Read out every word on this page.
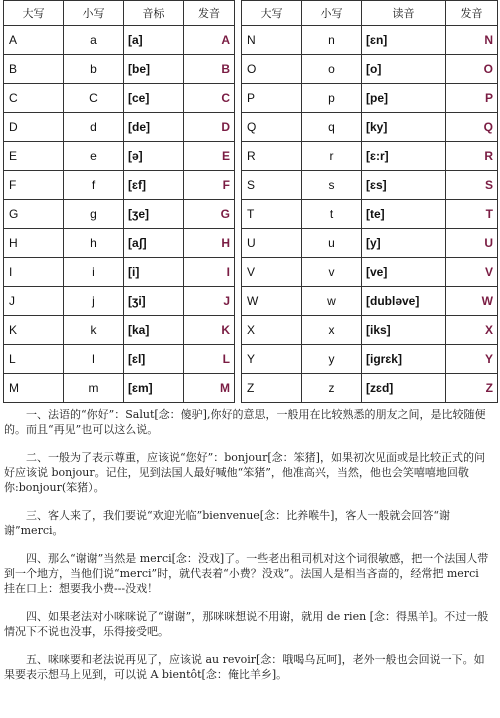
大写	小写	音标	发音
A	a	[a]	A
B	b	[be]	B
C	C	[ce]	C
D	d	[de]	D
E	e	[ə]	E
F	f	[ɛf]	F
G	g	[ʒe]	G
H	h	[aʃ]	H
I	i	[i]	I
J	j	[ʒi]	J
K	k	[ka]	K
L	l	[ɛl]	L
M	m	[ɛm]	M
大写	小写	读音	发音
N	n	[ɛn]	N
O	o	[o]	O
P	p	[pe]	P
Q	q	[ky]	Q
R	r	[ɛ:r]	R
S	s	[ɛs]	S
T	t	[te]	T
U	u	[y]	U
V	v	[ve]	V
W	w	[dublǝve]	W
X	x	[iks]	X
Y	y	[igrɛk]	Y
Z	z	[zɛd]	Z

一、法语的“你好”：Salut[念：傻驴],你好的意思，一般用在比较熟悉的朋友之间，是比较随便的。而且“再见”也可以这么说。

二、一般为了表示尊重，应该说“您好”：bonjour[念：笨猪]，如果初次见面或是比较正式的问好应该说 bonjour。记住，见到法国人最好喊他“笨猪”，他准高兴，当然，他也会笑嘻嘻地回敬你:bonjour(笨猪）。

三、客人来了，我们要说“欢迎光临”bienvenue[念：比养喉牛]，客人一般就会回答“谢谢”merci。

四、那么“谢谢”当然是 merci[念：没戏]了。一些老出租司机对这个词很敏感，把一个法国人带到一个地方，当他们说“merci”时，就代表着“小费？没戏”。法国人是相当吝啬的，经常把 merci 挂在口上：想要我小费---没戏！

四、如果老法对小咪咪说了“谢谢”，那咪咪想说不用谢，就用 de rien [念：得黑羊]。不过一般情况下不说也没事，乐得接受吧。

五、咪咪要和老法说再见了，应该说 au revoir[念：哦喝乌瓦呵]，老外一般也会回说一下。如果要表示想马上见到，可以说 A bientôt[念：俺比羊乡]。
